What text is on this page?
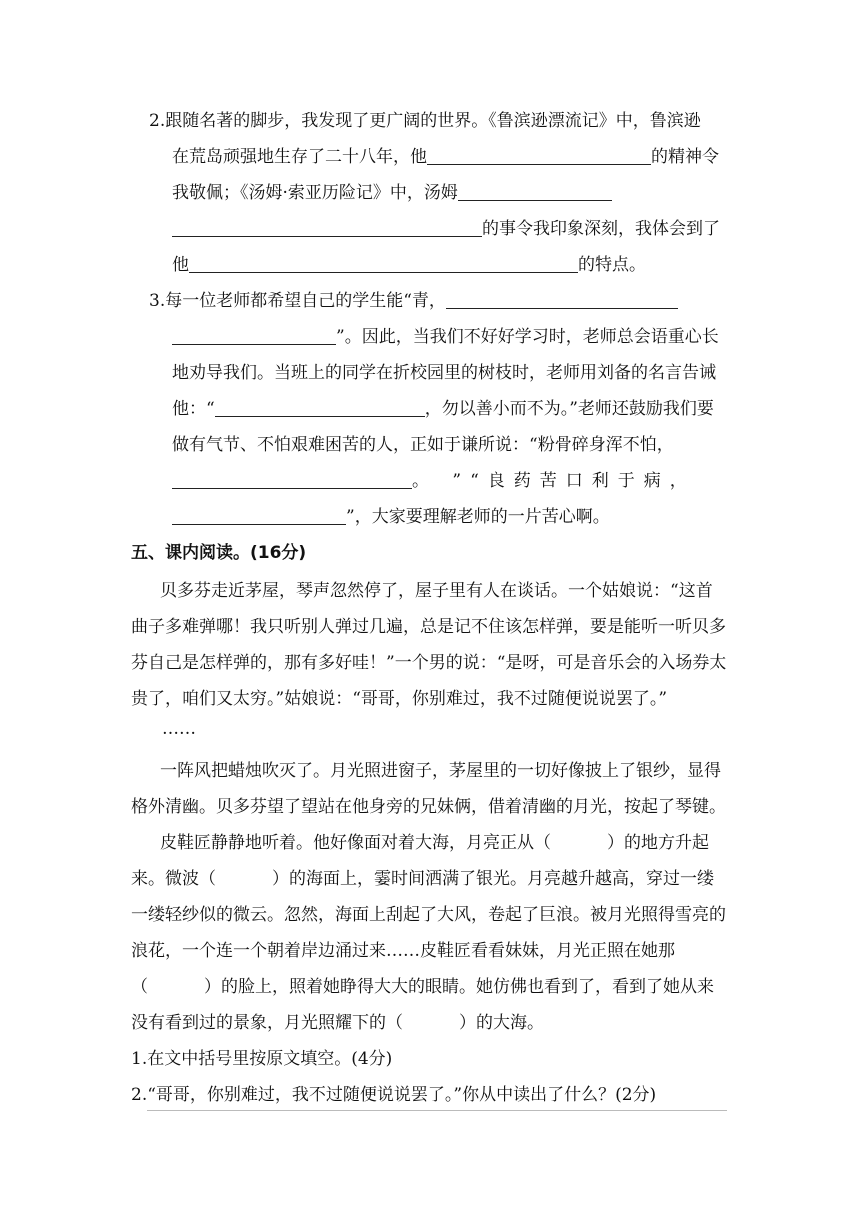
2.跟随名著的脚步，我发现了更广阔的世界。《鲁滨逊漂流记》中，鲁滨逊
在荒岛顽强地生存了二十八年，他	的精神令
我敬佩；《汤姆·索亚历险记》中，汤姆
的事令我印象深刻，我体会到了
他	的特点。
3.每一位老师都希望自己的学生能“青，
”。因此，当我们不好好学习时，老师总会语重心长
地劝导我们。当班上的同学在折校园里的树枝时，老师用刘备的名言告诫
他：“	，勿以善小而不为。”老师还鼓励我们要
做有气节、不怕艰难困苦的人，正如于谦所说：“粉骨碎身浑不怕，
。 ”“良药苦口利于病，
”，大家要理解老师的一片苦心啊。
五、课内阅读。(16分)
贝多芬走近茅屋，琴声忽然停了，屋子里有人在谈话。一个姑娘说：“这首
曲子多难弹哪！我只听别人弹过几遍，总是记不住该怎样弹，要是能听一听贝多
芬自己是怎样弹的，那有多好哇！”一个男的说：“是呀，可是音乐会的入场券太
贵了，咱们又太穷。”姑娘说：“哥哥，你别难过，我不过随便说说罢了。”
……
一阵风把蜡烛吹灭了。月光照进窗子，茅屋里的一切好像披上了银纱，显得
格外清幽。贝多芬望了望站在他身旁的兄妹俩，借着清幽的月光，按起了琴键。
皮鞋匠静静地听着。他好像面对着大海，月亮正从（	）的地方升起
来。微波（	）的海面上，霎时间洒满了银光。月亮越升越高，穿过一缕
一缕轻纱似的微云。忽然，海面上刮起了大风，卷起了巨浪。被月光照得雪亮的
浪花，一个连一个朝着岸边涌过来……皮鞋匠看看妹妹，月光正照在她那
（	）的脸上，照着她睁得大大的眼睛。她仿佛也看到了，看到了她从来
没有看到过的景象，月光照耀下的（	）的大海。
1.在文中括号里按原文填空。(4分)
2.“哥哥，你别难过，我不过随便说说罢了。”你从中读出了什么？(2分)
